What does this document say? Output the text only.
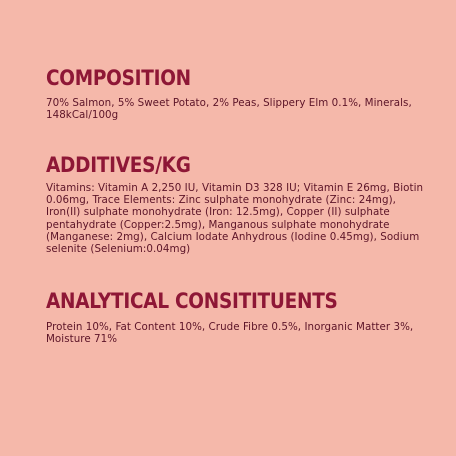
COMPOSITION

70% Salmon, 5% Sweet Potato, 2% Peas, Slippery Elm 0.1%, Minerals, 148kCal/100g

ADDITIVES/KG

Vitamins: Vitamin A 2,250 IU, Vitamin D3 328 IU; Vitamin E 26mg, Biotin 0.06mg, Trace Elements: Zinc sulphate monohydrate (Zinc: 24mg), Iron(II) sulphate monohydrate (Iron: 12.5mg), Copper (II) sulphate pentahydrate (Copper:2.5mg), Manganous sulphate monohydrate (Manganese: 2mg), Calcium Iodate Anhydrous (Iodine 0.45mg), Sodium selenite (Selenium:0.04mg)

ANALYTICAL CONSITITUENTS

Protein 10%, Fat Content 10%, Crude Fibre 0.5%, Inorganic Matter 3%, Moisture 71%
